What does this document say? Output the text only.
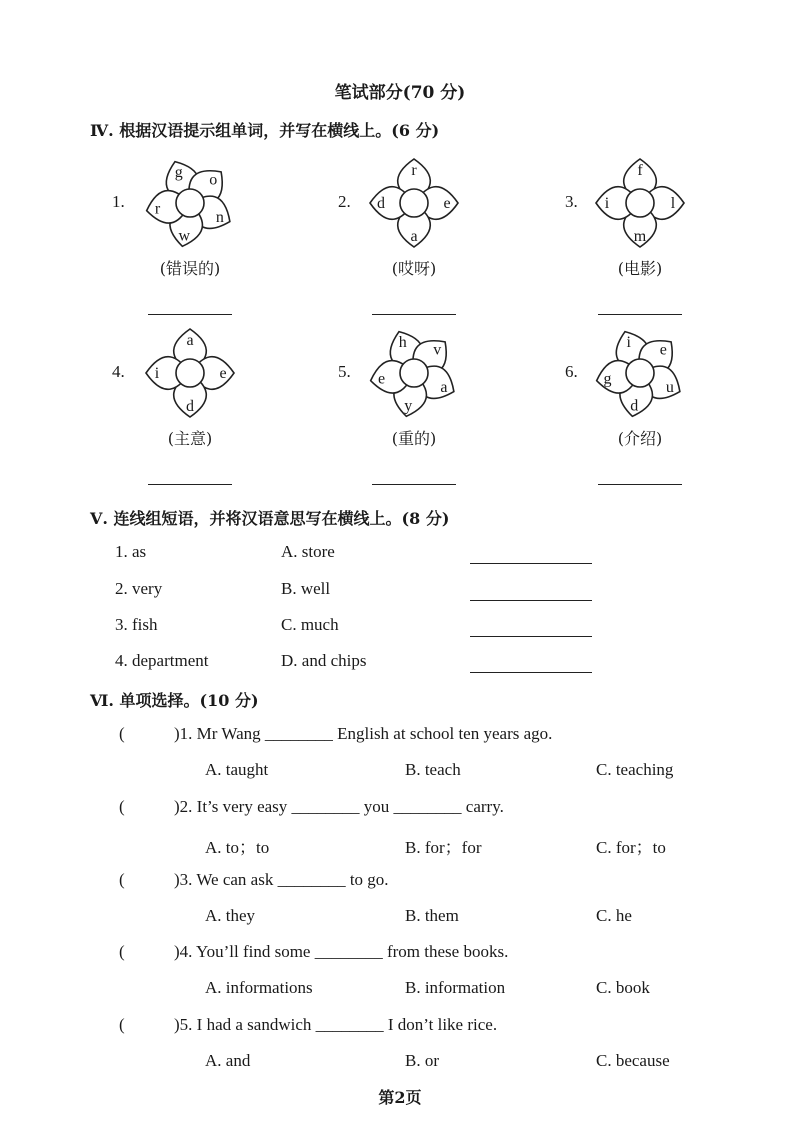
笔试部分(70 分)
Ⅳ. 根据汉语提示组单词，并写在横线上。(6 分)
1.
g o
n
w
r
(错误的)
2.
r
e
a
d
(哎呀)
3.
f
l
m
i
(电影)
4.
a
e
d
i
(主意)
5.
h v
a
y
e
(重的)
6.
i e
u
d
g
(介绍)
Ⅴ. 连线组短语，并将汉语意思写在横线上。(8 分)
1. as	A. store
2. very	B. well
3. fish	C. much
4. department	D. and chips
Ⅵ. 单项选择。(10 分)
(	)1. Mr Wang ________ English at school ten years ago.
A. taught	B. teach	C. teaching
(	)2. It’s very easy ________ you ________ carry.
A. to；to	B. for；for	C. for；to
(	)3. We can ask ________ to go.
A. they	B. them	C. he
(	)4. You’ll find some ________ from these books.
A. informations	B. information	C. book
(	)5. I had a sandwich ________ I don’t like rice.
A. and	B. or	C. because
第2页
